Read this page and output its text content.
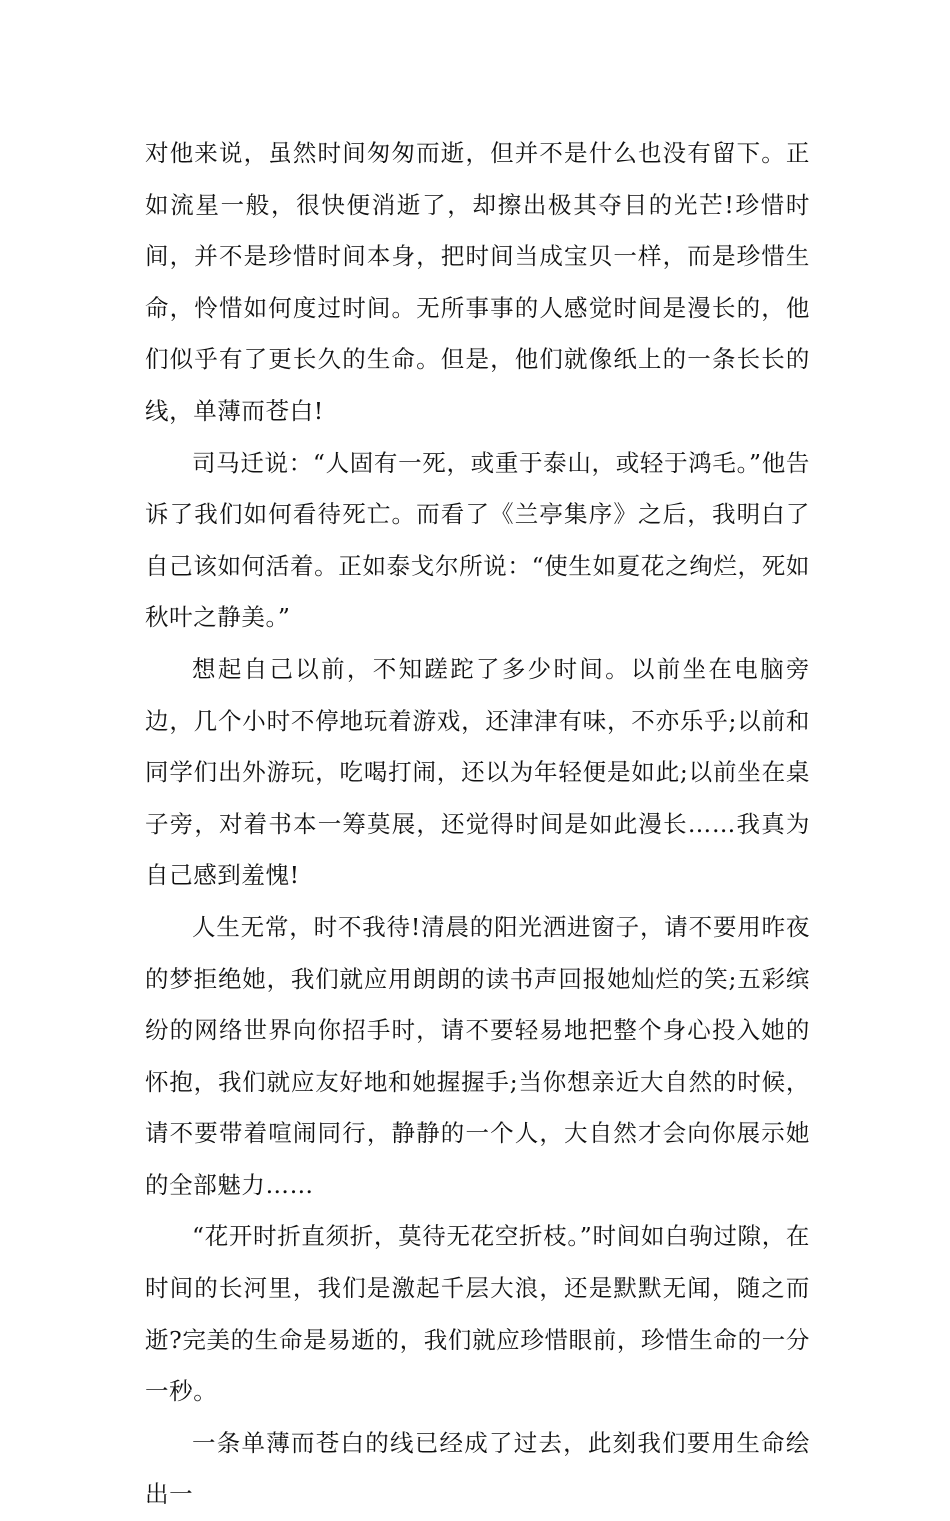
对他来说，虽然时间匆匆而逝，但并不是什么也没有留下。正如流星一般，很快便消逝了，却擦出极其夺目的光芒!珍惜时间，并不是珍惜时间本身，把时间当成宝贝一样，而是珍惜生命，怜惜如何度过时间。无所事事的人感觉时间是漫长的，他们似乎有了更长久的生命。但是，他们就像纸上的一条长长的线，单薄而苍白!

司马迁说：“人固有一死，或重于泰山，或轻于鸿毛。”他告诉了我们如何看待死亡。而看了《兰亭集序》之后，我明白了自己该如何活着。正如泰戈尔所说：“使生如夏花之绚烂，死如秋叶之静美。”

想起自己以前，不知蹉跎了多少时间。以前坐在电脑旁边，几个小时不停地玩着游戏，还津津有味，不亦乐乎;以前和同学们出外游玩，吃喝打闹，还以为年轻便是如此;以前坐在桌子旁，对着书本一筹莫展，还觉得时间是如此漫长……我真为自己感到羞愧!

人生无常，时不我待!清晨的阳光洒进窗子，请不要用昨夜的梦拒绝她，我们就应用朗朗的读书声回报她灿烂的笑;五彩缤纷的网络世界向你招手时，请不要轻易地把整个身心投入她的怀抱，我们就应友好地和她握握手;当你想亲近大自然的时候，请不要带着喧闹同行，静静的一个人，大自然才会向你展示她的全部魅力……

“花开时折直须折，莫待无花空折枝。”时间如白驹过隙，在时间的长河里，我们是激起千层大浪，还是默默无闻，随之而逝?完美的生命是易逝的，我们就应珍惜眼前，珍惜生命的一分一秒。

一条单薄而苍白的线已经成了过去，此刻我们要用生命绘出一
